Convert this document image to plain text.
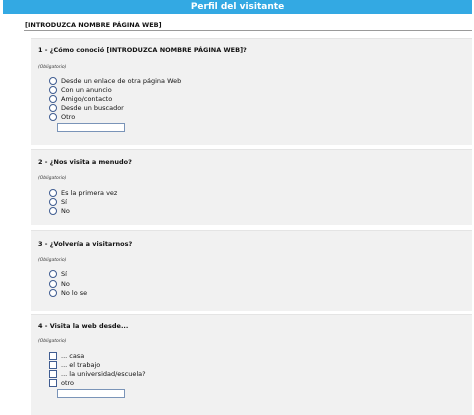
Perfil del visitante
[INTRODUZCA NOMBRE PÁGINA WEB]
1 - ¿Cómo conoció [INTRODUZCA NOMBRE PÁGINA WEB]?
(Obligatorio)
Desde un enlace de otra página Web
Con un anuncio
Amigo/contacto
Desde un buscador
Otro
2 - ¿Nos visita a menudo?
(Obligatorio)
Es la primera vez
Sí
No
3 - ¿Volvería a visitarnos?
(Obligatorio)
Sí
No
No lo se
4 - Visita la web desde...
(Obligatorio)
... casa
... el trabajo
... la universidad/escuela?
otro
